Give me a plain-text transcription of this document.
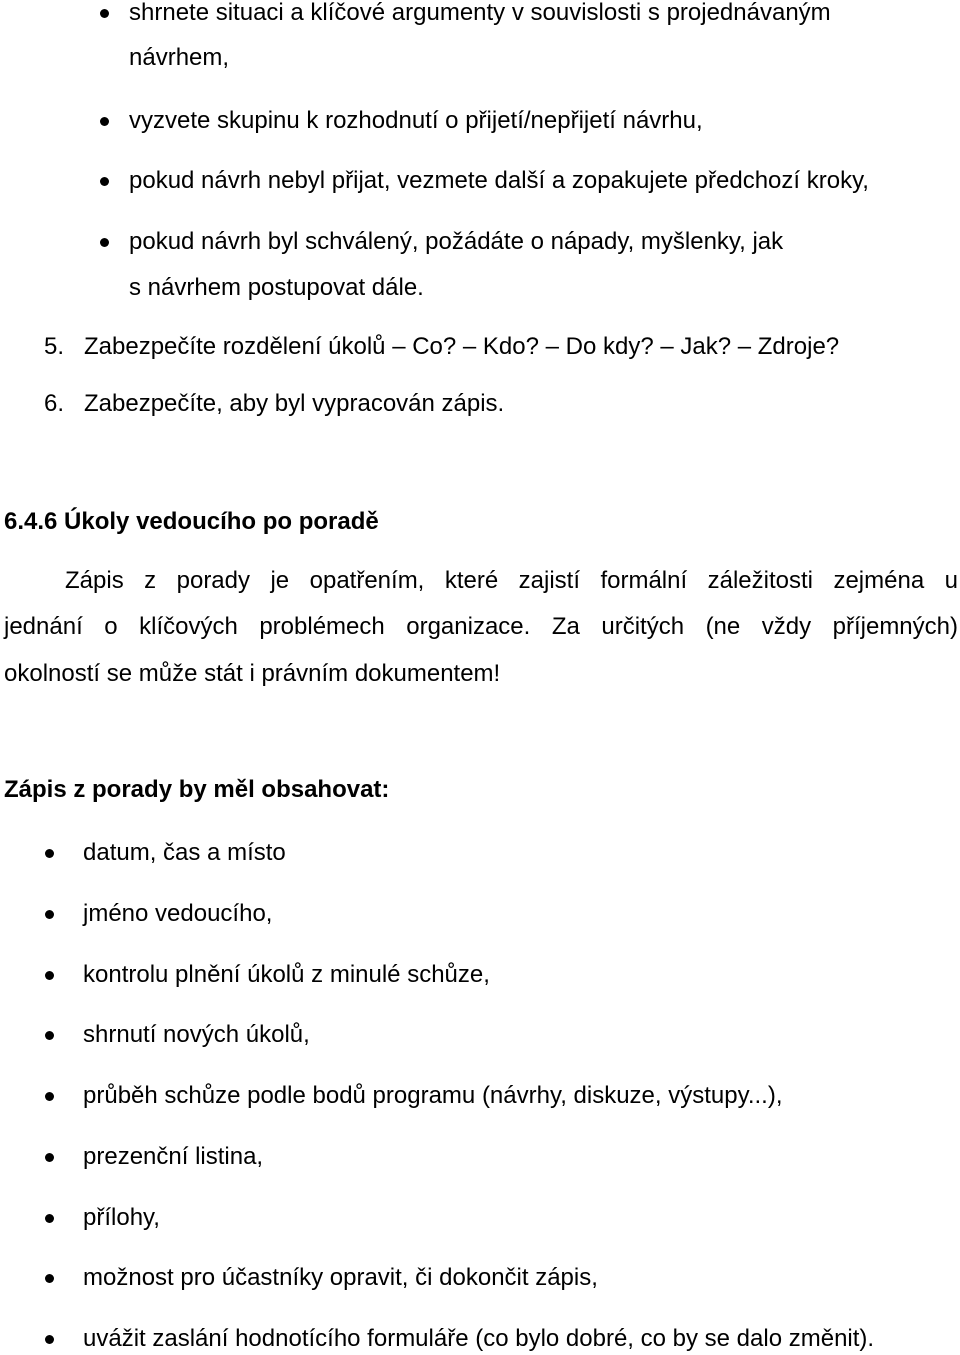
shrnete situaci a klíčové argumenty v souvislosti s projednávaným

návrhem,

vyzvete skupinu k rozhodnutí o přijetí/nepřijetí návrhu,

pokud návrh nebyl přijat, vezmete další a zopakujete předchozí kroky,

pokud návrh byl schválený, požádáte o nápady, myšlenky, jak

s návrhem postupovat dále.

5. Zabezpečíte rozdělení úkolů – Co? – Kdo? – Do kdy? – Jak? – Zdroje?
6. Zabezpečíte, aby byl vypracován zápis.
6.4.6 Úkoly vedoucího po poradě
Zápis z porady je opatřením, které zajistí formální záležitosti zejména u
jednání o klíčových problémech organizace. Za určitých (ne vždy příjemných)

okolností se může stát i právním dokumentem!

Zápis z porady by měl obsahovat:

datum, čas a místo

jméno vedoucího,

kontrolu plnění úkolů z minulé schůze,

shrnutí nových úkolů,

průběh schůze podle bodů programu (návrhy, diskuze, výstupy...),

prezenční listina,

přílohy,

možnost pro účastníky opravit, či dokončit zápis,

uvážit zaslání hodnotícího formuláře (co bylo dobré, co by se dalo změnit).
